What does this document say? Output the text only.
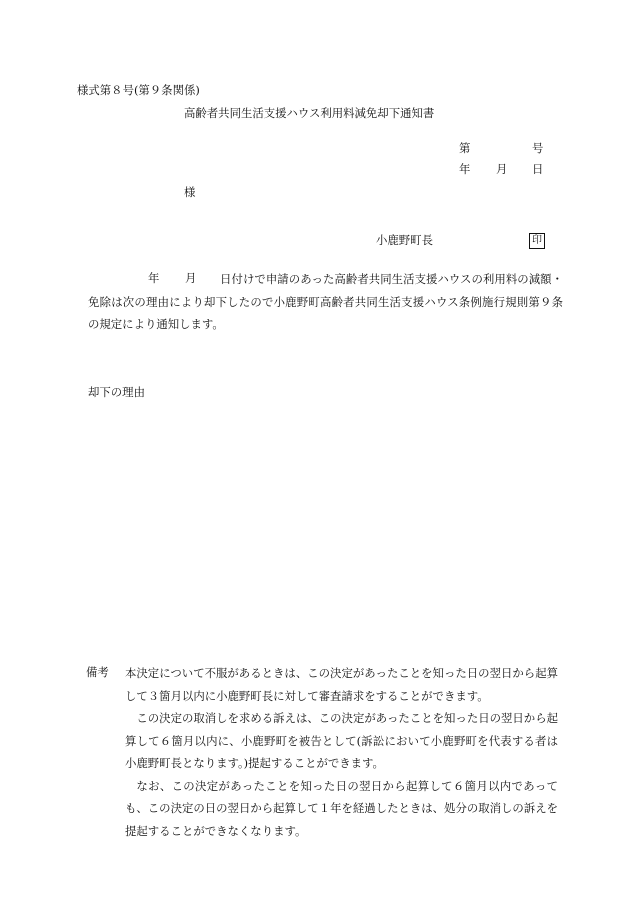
様式第８号(第９条関係)
高齢者共同生活支援ハウス利用料減免却下通知書
第	号
年 月 日
様
小鹿野町長	印
年 月	日付けで申請のあった高齢者共同生活支援ハウスの利用料の減額・免除は次の理由により却下したので小鹿野町高齢者共同生活支援ハウス条例施行規則第９条の規定により通知します。
却下の理由
備考 本決定について不服があるときは、この決定があったことを知った日の翌日から起算して３箇月以内に小鹿野町長に対して審査請求をすることができます。
この決定の取消しを求める訴えは、この決定があったことを知った日の翌日から起算して６箇月以内に、小鹿野町を被告として(訴訟において小鹿野町を代表する者は小鹿野町長となります。)提起することができます。
なお、この決定があったことを知った日の翌日から起算して６箇月以内であっても、この決定の日の翌日から起算して１年を経過したときは、処分の取消しの訴えを提起することができなくなります。
